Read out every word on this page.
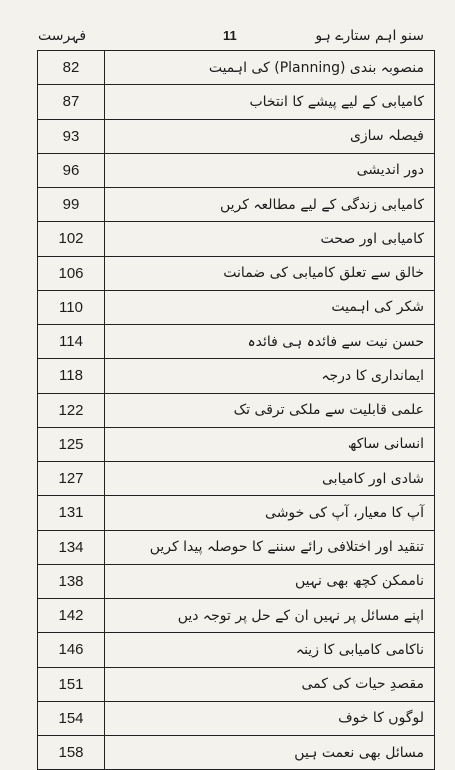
فہرست	11	سنو اہم ستارے ہو
82	منصوبہ بندی (Planning) کی اہمیت
87	کامیابی کے لیے پیشے کا انتخاب
93	فیصلہ سازی
96	دور اندیشی
99	کامیابی زندگی کے لیے مطالعہ کریں
102	کامیابی اور صحت
106	خالق سے تعلق کامیابی کی ضمانت
110	شکر کی اہمیت
114	حسن نیت سے فائدہ ہی فائدہ
118	ایمانداری کا درجہ
122	علمی قابلیت سے ملکی ترقی تک
125	انسانی ساکھ
127	شادی اور کامیابی
131	آپ کا معیار، آپ کی خوشی
134	تنقید اور اختلافی رائے سننے کا حوصلہ پیدا کریں
138	ناممکن کچھ بھی نہیں
142	اپنے مسائل پر نہیں ان کے حل پر توجہ دیں
146	ناکامی کامیابی کا زینہ
151	مقصدِ حیات کی کمی
154	لوگوں کا خوف
158	مسائل بھی نعمت ہیں
